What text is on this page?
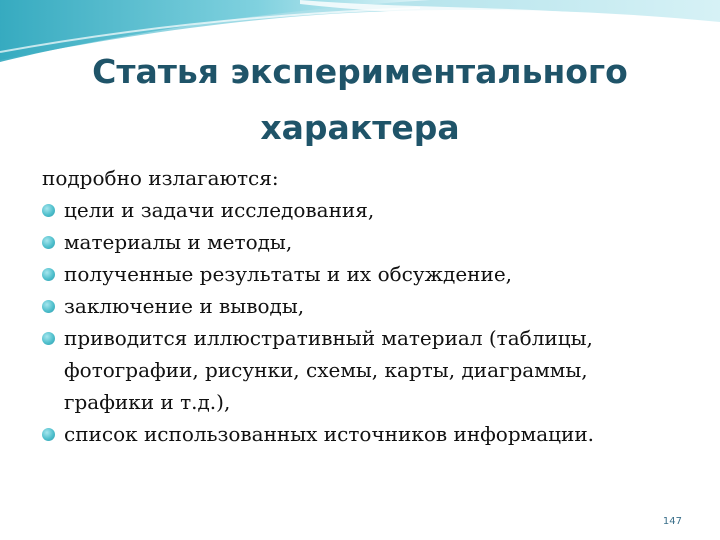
Статья экспериментального характера

подробно излагаются:

цели и задачи исследования,
материалы и методы,
полученные результаты и их обсуждение,
заключение и выводы,
приводится иллюстративный материал (таблицы, фотографии, рисунки, схемы, карты, диаграммы, графики и т.д.),
список использованных источников информации.
147
